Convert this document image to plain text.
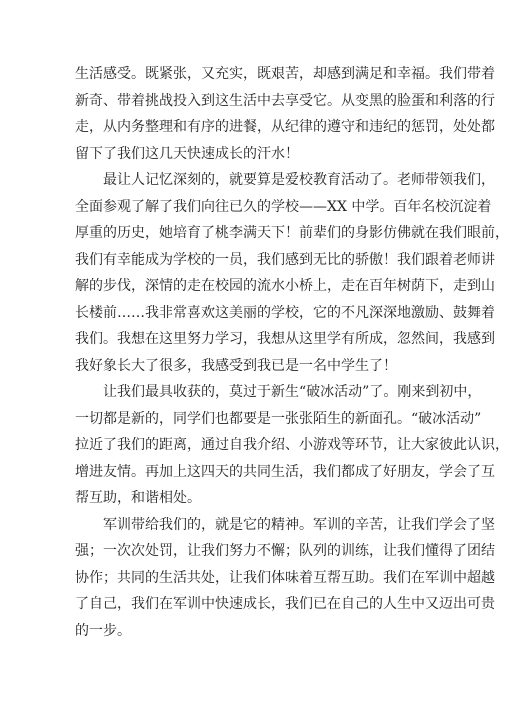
生活感受。既紧张，又充实，既艰苦，却感到满足和幸福。我们带着
新奇、带着挑战投入到这生活中去享受它。从变黑的脸蛋和利落的行
走，从内务整理和有序的进餐，从纪律的遵守和违纪的惩罚，处处都
留下了我们这几天快速成长的汗水！
　　最让人记忆深刻的，就要算是爱校教育活动了。老师带领我们，
全面参观了解了我们向往已久的学校——XX 中学。百年名校沉淀着
厚重的历史，她培育了桃李满天下！前辈们的身影仿佛就在我们眼前，
我们有幸能成为学校的一员，我们感到无比的骄傲！我们跟着老师讲
解的步伐，深情的走在校园的流水小桥上，走在百年树荫下，走到山
长楼前……我非常喜欢这美丽的学校，它的不凡深深地激励、鼓舞着
我们。我想在这里努力学习，我想从这里学有所成，忽然间，我感到
我好象长大了很多，我感受到我已是一名中学生了！
　　让我们最具收获的，莫过于新生“破冰活动”了。刚来到初中，
一切都是新的，同学们也都要是一张张陌生的新面孔。“破冰活动”
拉近了我们的距离，通过自我介绍、小游戏等环节，让大家彼此认识，
增进友情。再加上这四天的共同生活，我们都成了好朋友，学会了互
帮互助，和谐相处。
　　军训带给我们的，就是它的精神。军训的辛苦，让我们学会了坚
强；一次次处罚，让我们努力不懈；队列的训练，让我们懂得了团结
协作；共同的生活共处，让我们体味着互帮互助。我们在军训中超越
了自己，我们在军训中快速成长，我们已在自己的人生中又迈出可贵
的一步。
